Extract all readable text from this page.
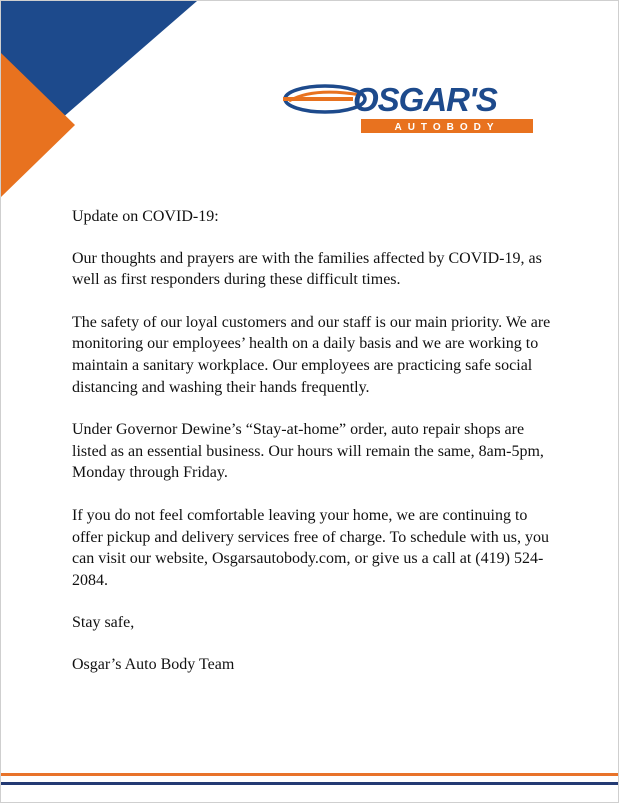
OSGAR'S
AUTOBODY

Update on COVID-19:

Our thoughts and prayers are with the families affected by COVID-19, as well as first responders during these difficult times.

The safety of our loyal customers and our staff is our main priority. We are monitoring our employees’ health on a daily basis and we are working to maintain a sanitary workplace. Our employees are practicing safe social distancing and washing their hands frequently.

Under Governor Dewine’s “Stay-at-home” order, auto repair shops are listed as an essential business. Our hours will remain the same, 8am-5pm, Monday through Friday.

If you do not feel comfortable leaving your home, we are continuing to offer pickup and delivery services free of charge. To schedule with us, you can visit our website, Osgarsautobody.com, or give us a call at (419) 524-2084.

Stay safe,

Osgar’s Auto Body Team
